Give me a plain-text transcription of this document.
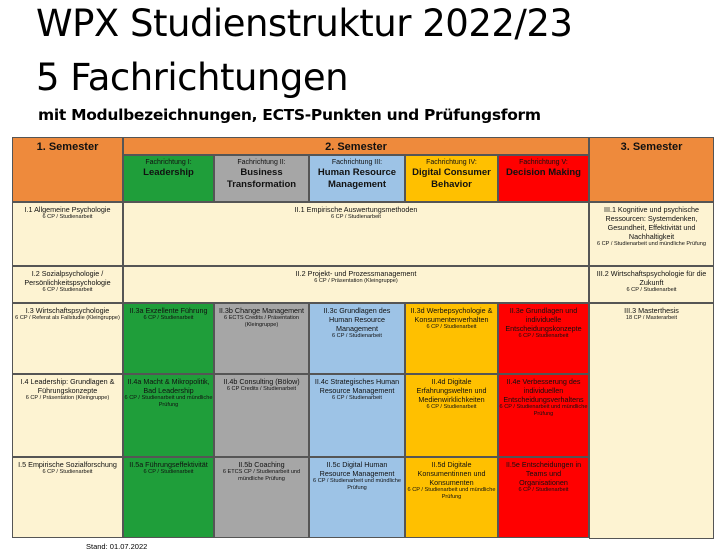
WPX Studienstruktur 2022/23
5 Fachrichtungen
mit Modulbezeichnungen, ECTS-Punkten und Prüfungsform
1. Semester	2. Semester	3. Semester
Fachrichtung I:
Leadership
Fachrichtung II:
Business Transformation
Fachrichtung III:
Human Resource Management
Fachrichtung IV:
Digital Consumer Behavior
Fachrichtung V:
Decision Making
I.1 Allgemeine Psychologie
6 CP / Studienarbeit
II.1 Empirische Auswertungsmethoden
6 CP / Studienarbeit
III.1 Kognitive und psychische Ressourcen: Systemdenken, Gesundheit, Effektivität und Nachhaltigkeit
6 CP / Studienarbeit und mündliche Prüfung
I.2 Sozialpsychologie / Persönlichkeitspsychologie
6 CP / Studienarbeit
II.2 Projekt- und Prozessmanagement
6 CP / Präsentation (Kleingruppe)
III.2 Wirtschaftspsychologie für die Zukunft
6 CP / Studienarbeit
I.3 Wirtschaftspsychologie
6 CP / Referat als Fallstudie (Kleingruppe)
II.3a Exzellente Führung
6 CP / Studienarbeit
II.3b Change Management
6 ECTS Credits / Präsentation (Kleingruppe)
II.3c Grundlagen des Human Resource Management
6 CP / Studienarbeit
II.3d Werbepsychologie & Konsumentenverhalten
6 CP / Studienarbeit
II.3e Grundlagen und individuelle Entscheidungskonzepte
6 CP / Studienarbeit
III.3 Masterthesis
18 CP / Masterarbeit
I.4 Leadership: Grundlagen & Führungskonzepte
6 CP / Präsentation (Kleingruppe)
II.4a Macht & Mikropolitik, Bad Leadership
6 CP / Studienarbeit und mündliche Prüfung
II.4b Consulting (Bölow)
6 CP Credits / Studienarbeit
II.4c Strategisches Human Resource Management
6 CP / Studienarbeit
II.4d Digitale Erfahrungswelten und Medienwirklichkeiten
6 CP / Studienarbeit
II.4e Verbesserung des individuellen Entscheidungsverhaltens
6 CP / Studienarbeit und mündliche Prüfung
I.5 Empirische Sozialforschung
6 CP / Studienarbeit
II.5a Führungseffektivität
6 CP / Studienarbeit
II.5b Coaching
6 ETCS CP / Studienarbeit und mündliche Prüfung
II.5c Digital Human Resource Management
6 CP / Studienarbeit und mündliche Prüfung
II.5d Digitale Konsumentinnen und Konsumenten
6 CP / Studienarbeit und mündliche Prüfung
II.5e Entscheidungen in Teams und Organisationen
6 CP / Studienarbeit
Stand: 01.07.2022
